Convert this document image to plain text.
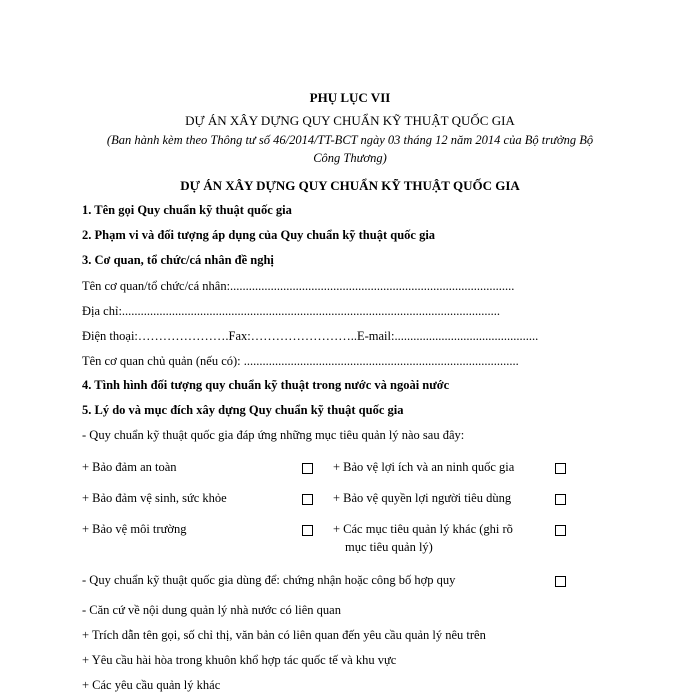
PHỤ LỤC VII
DỰ ÁN XÂY DỰNG QUY CHUẨN KỸ THUẬT QUỐC GIA
(Ban hành kèm theo Thông tư số 46/2014/TT-BCT ngày 03 tháng 12 năm 2014 của Bộ trưởng Bộ
Công Thương)
DỰ ÁN XÂY DỰNG QUY CHUẨN KỸ THUẬT QUỐC GIA
1. Tên gọi Quy chuẩn kỹ thuật quốc gia
2. Phạm vi và đối tượng áp dụng của Quy chuẩn kỹ thuật quốc gia
3. Cơ quan, tổ chức/cá nhân đề nghị
Tên cơ quan/tổ chức/cá nhân:...........................................................................................
Địa chỉ:.........................................................................................................................
Điện thoại:………………….Fax:……………………..E-mail:..............................................
Tên cơ quan chủ quản (nếu có): ........................................................................................
4. Tình hình đối tượng quy chuẩn kỹ thuật trong nước và ngoài nước
5. Lý do và mục đích xây dựng Quy chuẩn kỹ thuật quốc gia
- Quy chuẩn kỹ thuật quốc gia đáp ứng những mục tiêu quản lý nào sau đây:
+ Bảo đảm an toàn	+ Bảo vệ lợi ích và an ninh quốc gia
+ Bảo đảm vệ sinh, sức khỏe	+ Bảo vệ quyền lợi người tiêu dùng
+ Bảo vệ môi trường	+ Các mục tiêu quản lý khác (ghi rõ
mục tiêu quản lý)
- Quy chuẩn kỹ thuật quốc gia dùng để: chứng nhận hoặc công bố hợp quy
- Căn cứ về nội dung quản lý nhà nước có liên quan
+ Trích dẫn tên gọi, số chỉ thị, văn bản có liên quan đến yêu cầu quản lý nêu trên
+ Yêu cầu hài hòa trong khuôn khổ hợp tác quốc tế và khu vực
+ Các yêu cầu quản lý khác
